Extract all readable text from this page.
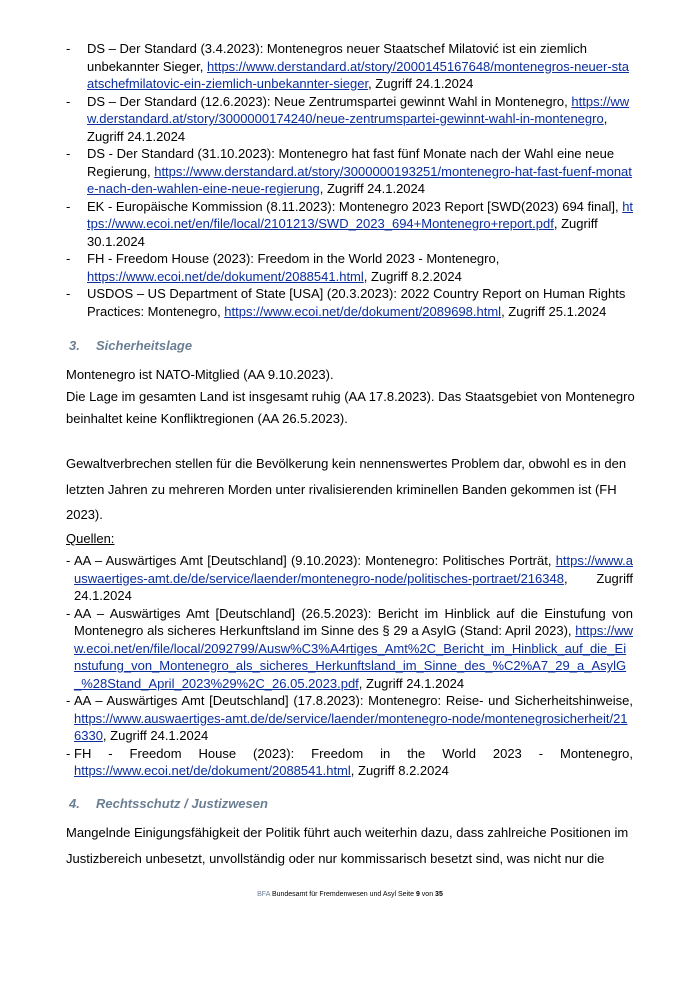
- DS – Der Standard (3.4.2023): Montenegros neuer Staatschef Milatović ist ein ziemlich unbekannter Sieger, https://www.derstandard.at/story/2000145167648/montenegros-neuer-staatschefmilatovic-ein-ziemlich-unbekannter-sieger, Zugriff 24.1.2024
- DS – Der Standard (12.6.2023): Neue Zentrumspartei gewinnt Wahl in Montenegro, https://www.derstandard.at/story/3000000174240/neue-zentrumspartei-gewinnt-wahl-in-montenegro, Zugriff 24.1.2024
- DS - Der Standard (31.10.2023): Montenegro hat fast fünf Monate nach der Wahl eine neue Regierung, https://www.derstandard.at/story/3000000193251/montenegro-hat-fast-fuenf-monate-nach-den-wahlen-eine-neue-regierung, Zugriff 24.1.2024
- EK - Europäische Kommission (8.11.2023): Montenegro 2023 Report [SWD(2023) 694 final], https://www.ecoi.net/en/file/local/2101213/SWD_2023_694+Montenegro+report.pdf, Zugriff 30.1.2024
- FH - Freedom House (2023): Freedom in the World 2023 - Montenegro, https://www.ecoi.net/de/dokument/2088541.html, Zugriff 8.2.2024
- USDOS – US Department of State [USA] (20.3.2023): 2022 Country Report on Human Rights Practices: Montenegro, https://www.ecoi.net/de/dokument/2089698.html, Zugriff 25.1.2024
3. Sicherheitslage
Montenegro ist NATO-Mitglied (AA 9.10.2023).
Die Lage im gesamten Land ist insgesamt ruhig (AA 17.8.2023). Das Staatsgebiet von Montenegro beinhaltet keine Konfliktregionen (AA 26.5.2023).
Gewaltverbrechen stellen für die Bevölkerung kein nennenswertes Problem dar, obwohl es in den letzten Jahren zu mehreren Morden unter rivalisierenden kriminellen Banden gekommen ist (FH 2023).
Quellen:
- AA – Auswärtiges Amt [Deutschland] (9.10.2023): Montenegro: Politisches Porträt, https://www.auswaertiges-amt.de/de/service/laender/montenegro-node/politisches-portraet/216348, Zugriff 24.1.2024
- AA – Auswärtiges Amt [Deutschland] (26.5.2023): Bericht im Hinblick auf die Einstufung von Montenegro als sicheres Herkunftsland im Sinne des § 29 a AsylG (Stand: April 2023), https://www.ecoi.net/en/file/local/2092799/Ausw%C3%A4rtiges_Amt%2C_Bericht_im_Hinblick_auf_die_Einstufung_von_Montenegro_als_sicheres_Herkunftsland_im_Sinne_des_%C2%A7_29_a_AsylG_%28Stand_April_2023%29%2C_26.05.2023.pdf, Zugriff 24.1.2024
- AA – Auswärtiges Amt [Deutschland] (17.8.2023): Montenegro: Reise- und Sicherheitshinweise, https://www.auswaertiges-amt.de/de/service/laender/montenegro-node/montenegrosicherheit/216330, Zugriff 24.1.2024
- FH - Freedom House (2023): Freedom in the World 2023 - Montenegro, https://www.ecoi.net/de/dokument/2088541.html, Zugriff 8.2.2024
4. Rechtsschutz / Justizwesen
Mangelnde Einigungsfähigkeit der Politik führt auch weiterhin dazu, dass zahlreiche Positionen im Justizbereich unbesetzt, unvollständig oder nur kommissarisch besetzt sind, was nicht nur die
BFA Bundesamt für Fremdenwesen und Asyl Seite 9 von 35
